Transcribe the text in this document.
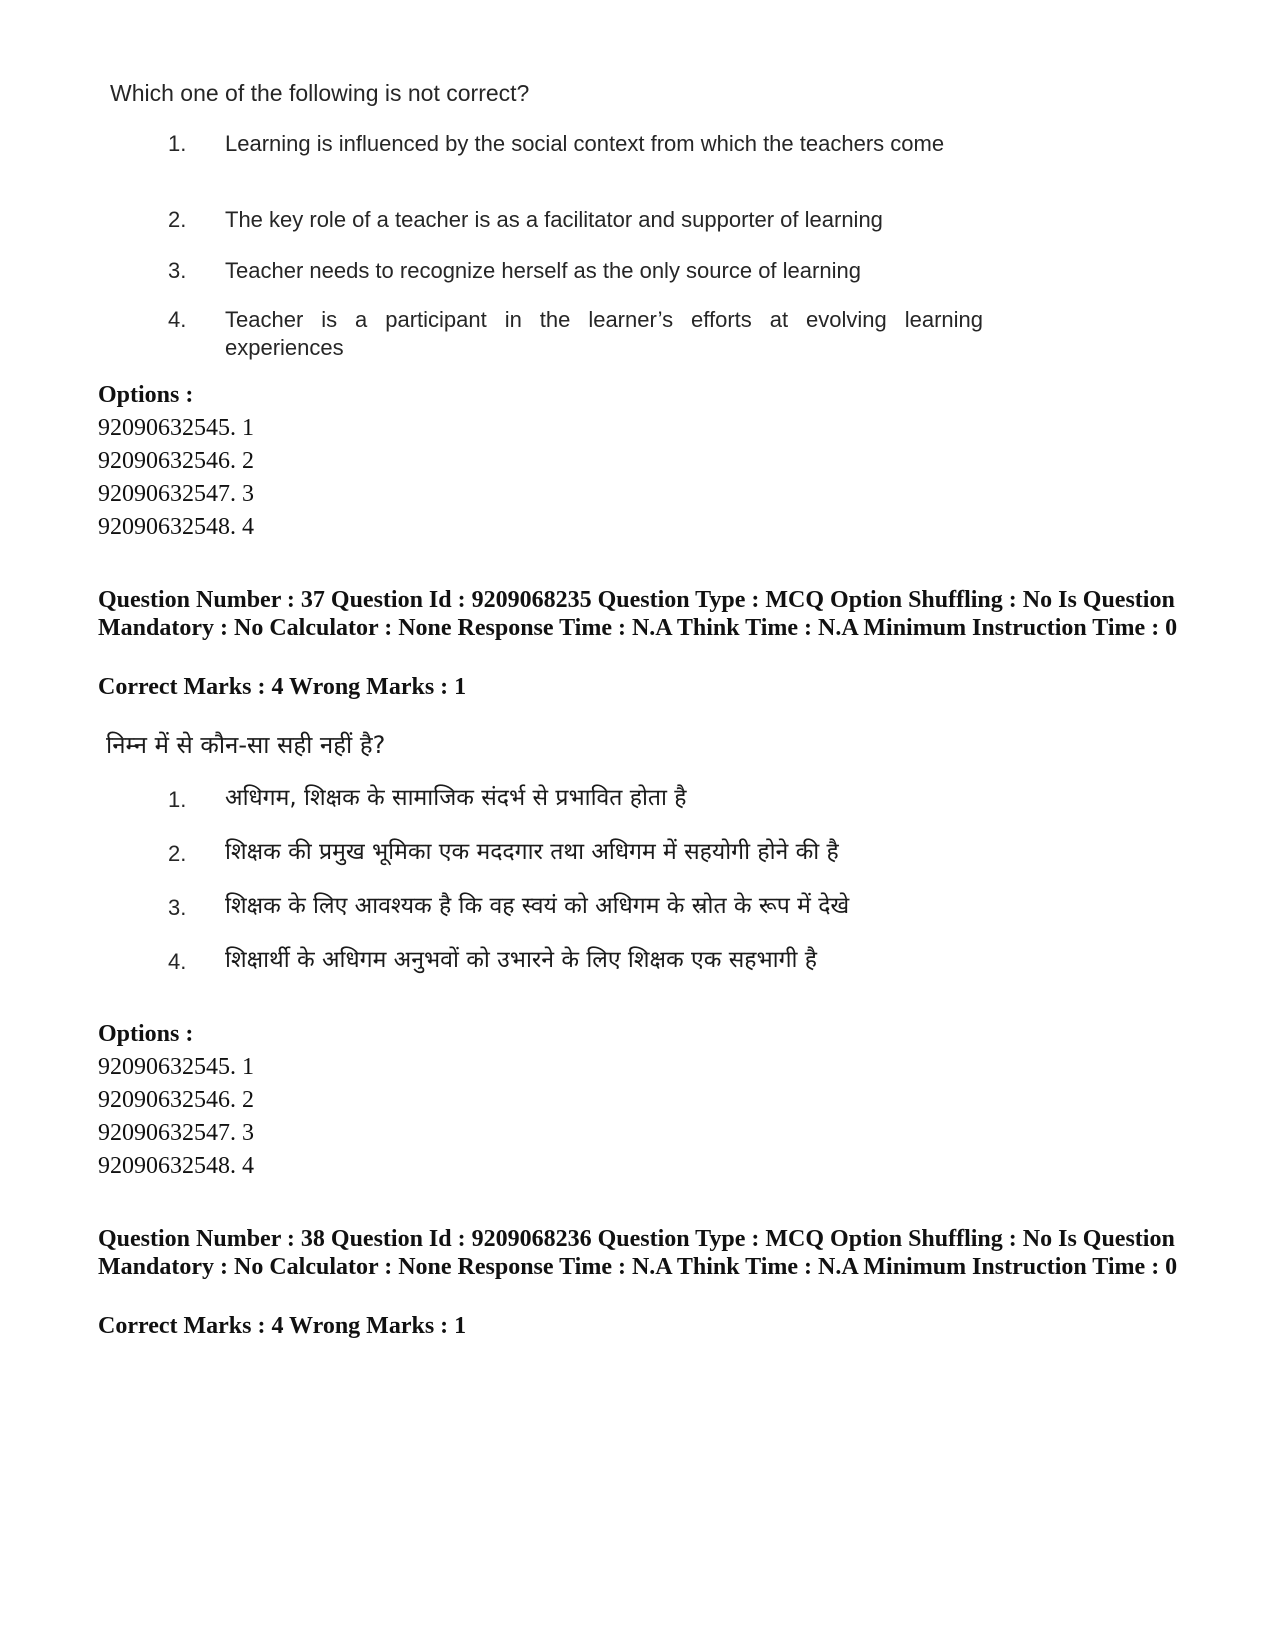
Which one of the following is not correct?
1. Learning is influenced by the social context from which the teachers come
2. The key role of a teacher is as a facilitator and supporter of learning
3. Teacher needs to recognize herself as the only source of learning
4. Teacher is a participant in the learner’s efforts at evolving learning experiences
Options :
92090632545. 1
92090632546. 2
92090632547. 3
92090632548. 4
Question Number : 37 Question Id : 9209068235 Question Type : MCQ Option Shuffling : No Is Question Mandatory : No Calculator : None Response Time : N.A Think Time : N.A Minimum Instruction Time : 0
Correct Marks : 4 Wrong Marks : 1
निम्न में से कौन-सा सही नहीं है?
1. अधिगम, शिक्षक के सामाजिक संदर्भ से प्रभावित होता है
2. शिक्षक की प्रमुख भूमिका एक मददगार तथा अधिगम में सहयोगी होने की है
3. शिक्षक के लिए आवश्यक है कि वह स्वयं को अधिगम के स्रोत के रूप में देखे
4. शिक्षार्थी के अधिगम अनुभवों को उभारने के लिए शिक्षक एक सहभागी है
Options :
92090632545. 1
92090632546. 2
92090632547. 3
92090632548. 4
Question Number : 38 Question Id : 9209068236 Question Type : MCQ Option Shuffling : No Is Question Mandatory : No Calculator : None Response Time : N.A Think Time : N.A Minimum Instruction Time : 0
Correct Marks : 4 Wrong Marks : 1
